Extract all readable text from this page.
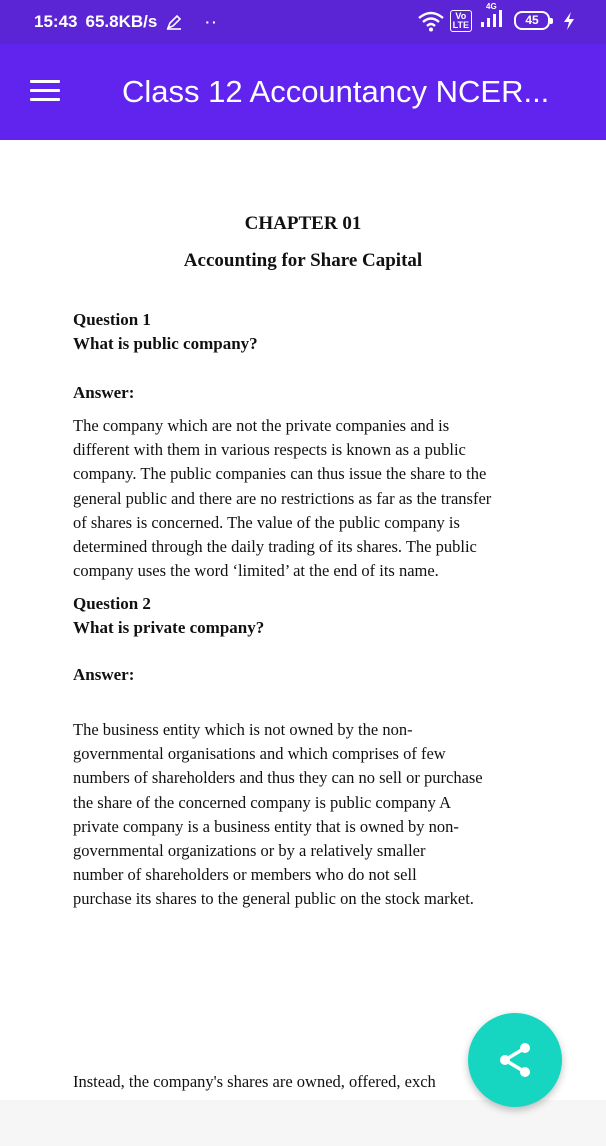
15:43 65.8KB/s	··	Vo
LTE
4G
45
Class 12 Accountancy NCER...
CHAPTER 01
Accounting for Share Capital
Question 1
What is public company?
Answer:
The company which are not the private companies and is
different with them in various respects is known as a public
company. The public companies can thus issue the share to the
general public and there are no restrictions as far as the transfer
of shares is concerned. The value of the public company is
determined through the daily trading of its shares. The public
company uses the word ‘limited’ at the end of its name.
Question 2
What is private company?
Answer:
The business entity which is not owned by the non-
governmental organisations and which comprises of few
numbers of shareholders and thus they can no sell or purchase
the share of the concerned company is public company A
private company is a business entity that is owned by non-
governmental organizations or by a relatively smaller
number of shareholders or members who do not sell
purchase its shares to the general public on the stock market.
Instead, the company's shares are owned, offered, exch
